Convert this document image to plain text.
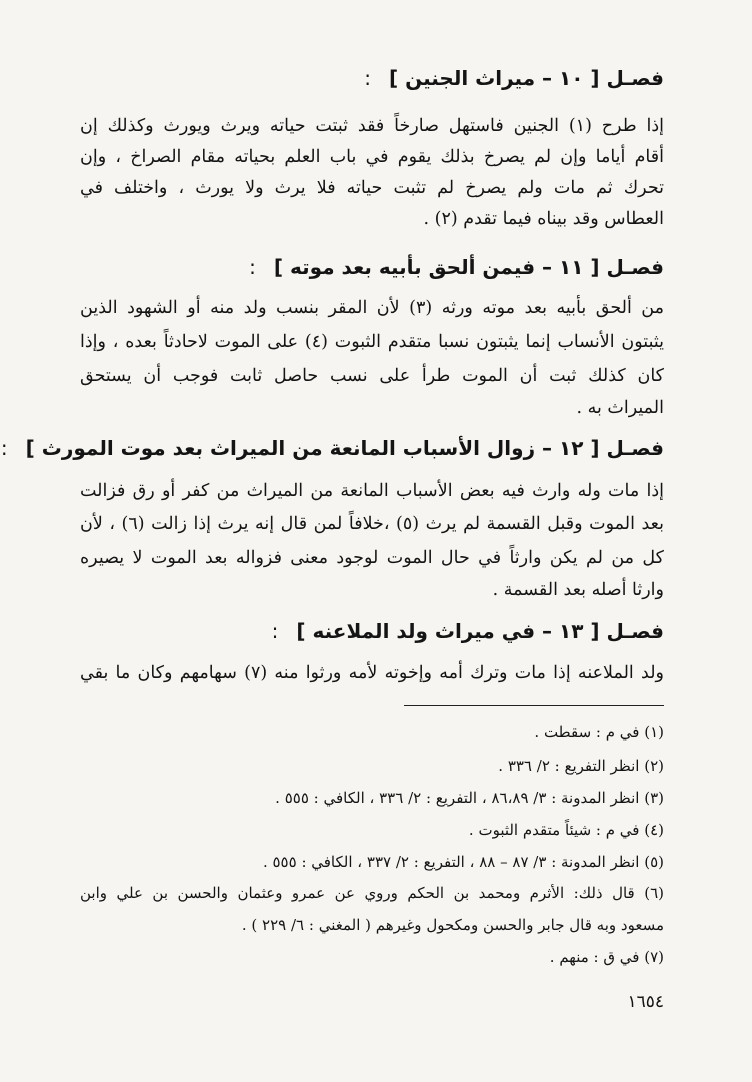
فصـل [ ١٠ – ميراث الجنين ]:
إذا طرح (١) الجنين فاستهل صارخاً فقد ثبتت حياته ويرث ويورث وكذلك إن
أقام أياما وإن لم يصرخ بذلك يقوم في باب العلم بحياته مقام الصراخ ، وإن
تحرك ثم مات ولم يصرخ لم تثبت حياته فلا يرث ولا يورث ، واختلف في
العطاس وقد بيناه فيما تقدم (٢) .
فصـل [ ١١ – فيمن ألحق بأبيه بعد موته ]:
من ألحق بأبيه بعد موته ورثه (٣) لأن المقر بنسب ولد منه أو الشهود الذين
يثبتون الأنساب إنما يثبتون نسبا متقدم الثبوت (٤) على الموت لاحادثاً بعده ، وإذا
كان كذلك ثبت أن الموت طرأ على نسب حاصل ثابت فوجب أن يستحق
الميراث به .
فصـل [ ١٢ – زوال الأسباب المانعة من الميراث بعد موت المورث ]:
إذا مات وله وارث فيه بعض الأسباب المانعة من الميراث من كفر أو رق فزالت
بعد الموت وقبل القسمة لم يرث (٥) ،خلافاً لمن قال إنه يرث إذا زالت (٦) ، لأن
كل من لم يكن وارثاً في حال الموت لوجود معنى فزواله بعد الموت لا يصيره
وارثا أصله بعد القسمة .
فصـل [ ١٣ – في ميراث ولد الملاعنه ]:
ولد الملاعنه إذا مات وترك أمه وإخوته لأمه ورثوا منه (٧) سهامهم وكان ما بقي
(١) في م : سقطت .
(٢) انظر التفريع : ٢/ ٣٣٦ .
(٣) انظر المدونة : ٣/ ٨٦،٨٩ ، التفريع : ٢/ ٣٣٦ ، الكافي : ٥٥٥ .
(٤) في م : شيئاً متقدم الثبوت .
(٥) انظر المدونة : ٣/ ٨٧ – ٨٨ ، التفريع : ٢/ ٣٣٧ ، الكافي : ٥٥٥ .
(٦) قال ذلك: الأثرم ومحمد بن الحكم وروي عن عمرو وعثمان والحسن بن علي وابن
مسعود وبه قال جابر والحسن ومكحول وغيرهم ( المغني : ٦/ ٢٢٩ ) .
(٧) في ق : منهم .
١٦٥٤
